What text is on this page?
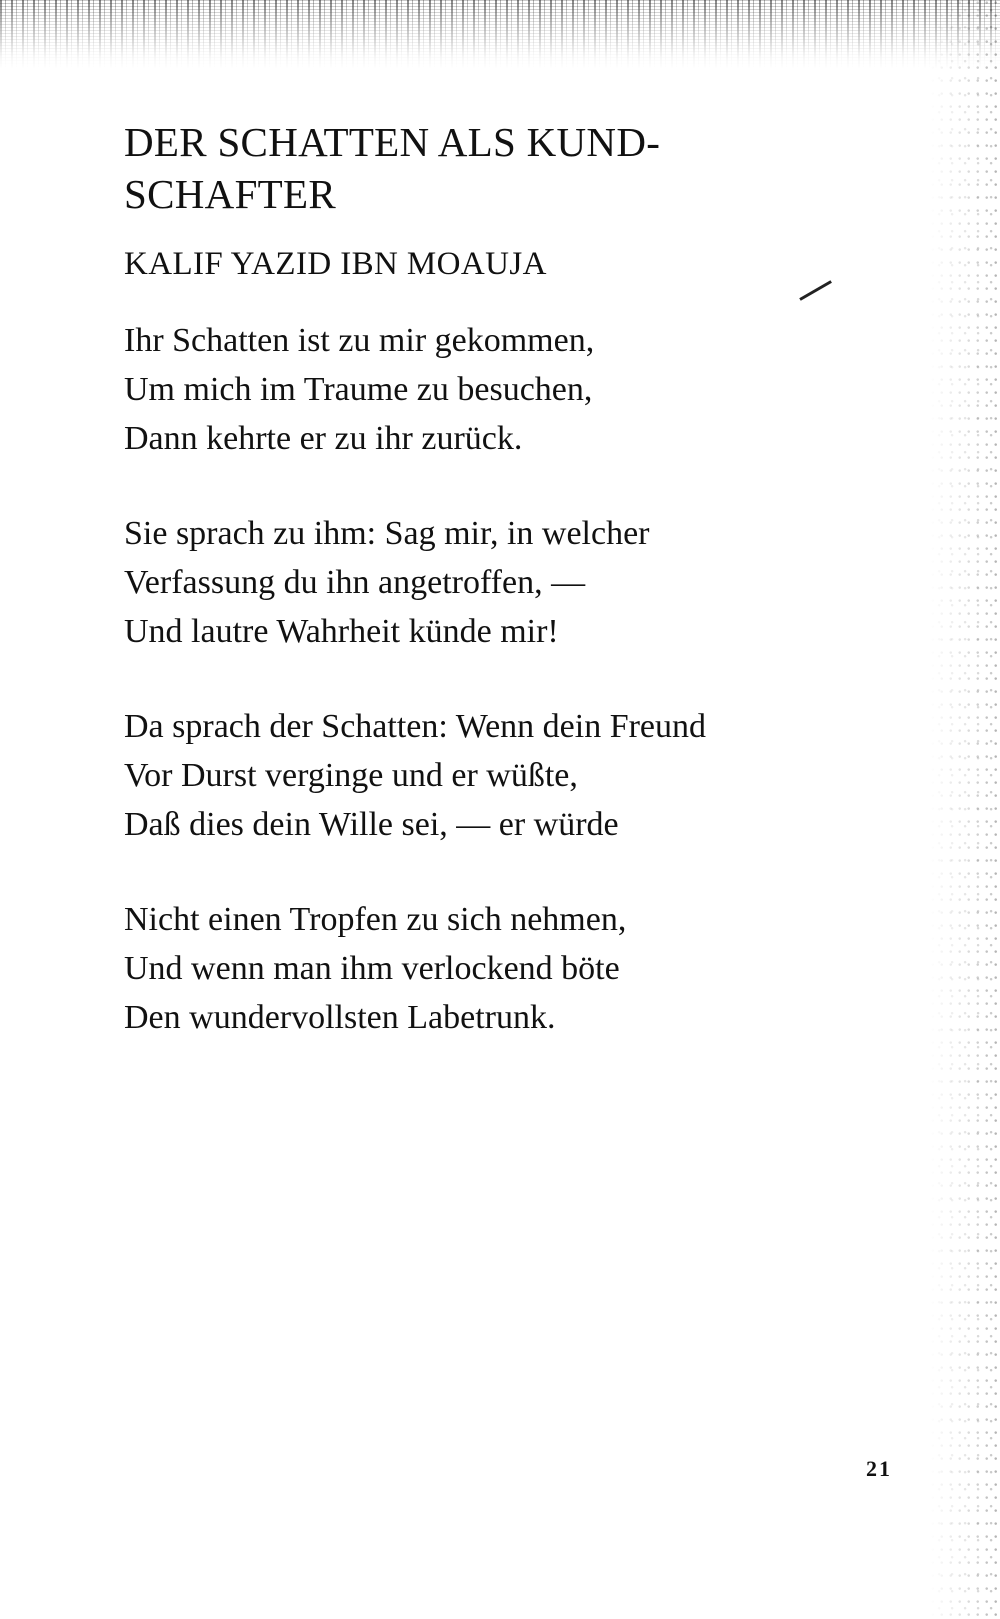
DER SCHATTEN ALS KUND-
SCHAFTER
KALIF YAZID IBN MOAUJA

Ihr Schatten ist zu mir gekommen,
Um mich im Traume zu besuchen,
Dann kehrte er zu ihr zurück.

Sie sprach zu ihm: Sag mir, in welcher
Verfassung du ihn angetroffen, —
Und lautre Wahrheit künde mir!

Da sprach der Schatten: Wenn dein Freund
Vor Durst verginge und er wüßte,
Daß dies dein Wille sei, — er würde

Nicht einen Tropfen zu sich nehmen,
Und wenn man ihm verlockend böte
Den wundervollsten Labetrunk.

21
